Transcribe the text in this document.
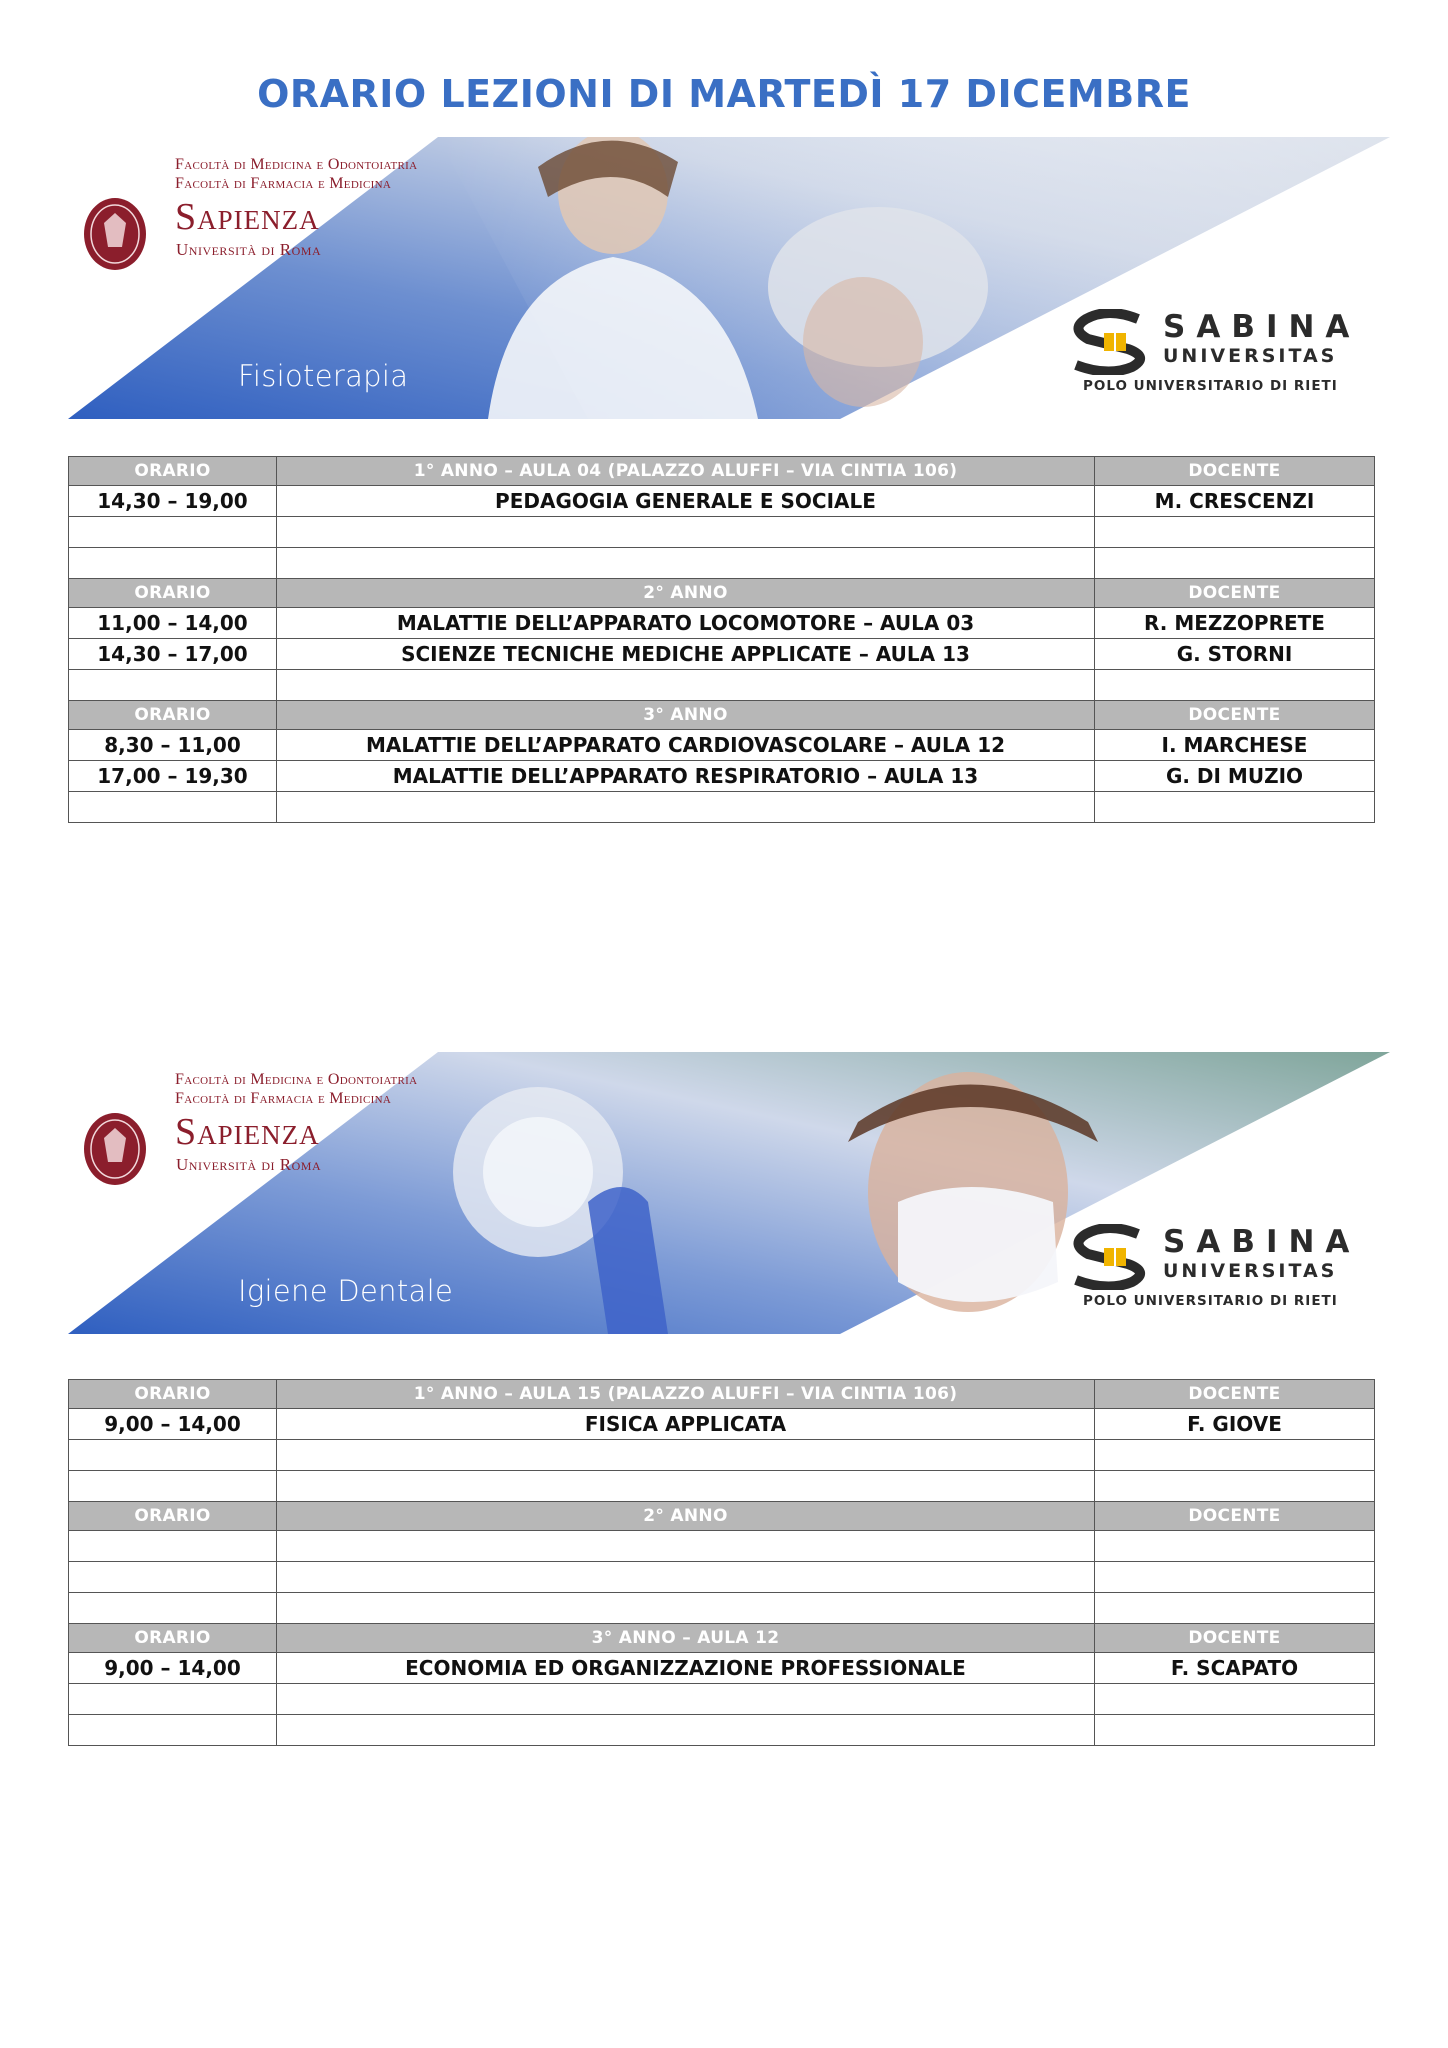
ORARIO LEZIONI DI MARTEDÌ 17 DICEMBRE
Facoltà di Medicina e Odontoiatria
Facoltà di Farmacia e Medicina
Sapienza
Università di Roma
Fisioterapia
SABINA
UNIVERSITAS
POLO UNIVERSITARIO DI RIETI
ORARIO	1° ANNO – AULA 04 (PALAZZO ALUFFI – VIA CINTIA 106)	DOCENTE
14,30 – 19,00	PEDAGOGIA GENERALE E SOCIALE	M. CRESCENZI

ORARIO	2° ANNO	DOCENTE
11,00 – 14,00	MALATTIE DELL’APPARATO LOCOMOTORE – AULA 03	R. MEZZOPRETE
14,30 – 17,00	SCIENZE TECNICHE MEDICHE APPLICATE – AULA 13	G. STORNI

ORARIO	3° ANNO	DOCENTE
8,30 – 11,00	MALATTIE DELL’APPARATO CARDIOVASCOLARE – AULA 12	I. MARCHESE
17,00 – 19,30	MALATTIE DELL’APPARATO RESPIRATORIO – AULA 13	G. DI MUZIO

Facoltà di Medicina e Odontoiatria
Facoltà di Farmacia e Medicina
Sapienza
Università di Roma
Igiene Dentale
SABINA
UNIVERSITAS
POLO UNIVERSITARIO DI RIETI
ORARIO	1° ANNO – AULA 15 (PALAZZO ALUFFI – VIA CINTIA 106)	DOCENTE
9,00 – 14,00	FISICA APPLICATA	F. GIOVE

ORARIO	2° ANNO	DOCENTE

ORARIO	3° ANNO – AULA 12	DOCENTE
9,00 – 14,00	ECONOMIA ED ORGANIZZAZIONE PROFESSIONALE	F. SCAPATO
